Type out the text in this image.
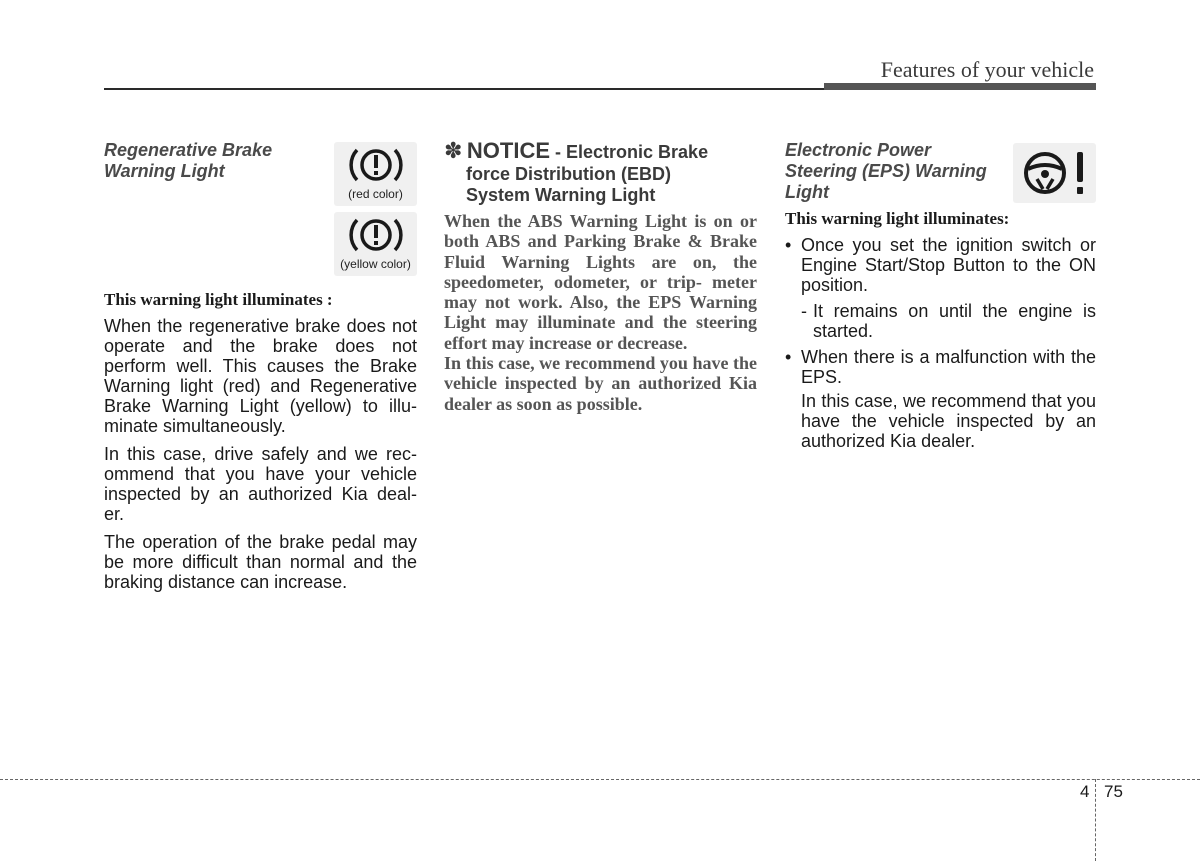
Features of your vehicle

Regenerative Brake
Warning Light

(red color)
(yellow color)

This warning light illuminates :

When the regenerative brake does not operate and the brake does not perform well. This causes the Brake Warning light (red) and Regenerative Brake Warning Light (yellow) to illu- minate simultaneously.

In this case, drive safely and we rec- ommend that you have your vehicle inspected by an authorized Kia deal- er.

The operation of the brake pedal may be more difficult than normal and the braking distance can increase.

✽ NOTICE - Electronic Brake

force Distribution (EBD)
System Warning Light

When the ABS Warning Light is on or both ABS and Parking Brake & Brake Fluid Warning Lights are on, the speedometer, odometer, or trip- meter may not work. Also, the EPS Warning Light may illuminate and the steering effort may increase or decrease.

In this case, we recommend you have the vehicle inspected by an authorized Kia dealer as soon as possible.

Electronic Power
Steering (EPS) Warning
Light

This warning light illuminates:

• Once you set the ignition switch or Engine Start/Stop Button to the ON position.
- It remains on until the engine is started.
• When there is a malfunction with the EPS.

In this case, we recommend that you have the vehicle inspected by an authorized Kia dealer.

4 75
